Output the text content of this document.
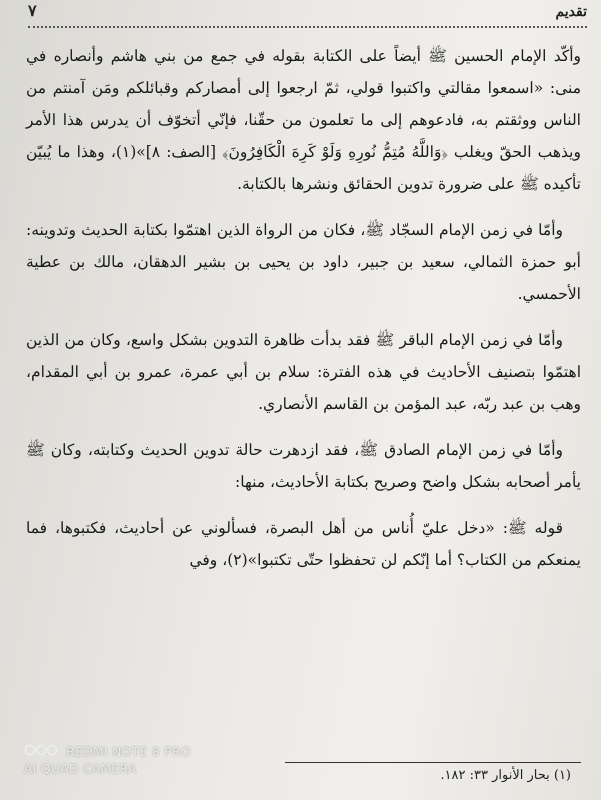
تقديم
٧

وأكّد الإمام الحسين ﷺ أيضاً على الكتابة بقوله في جمع من بني هاشم وأنصاره في منى: «اسمعوا مقالتي واكتبوا قولي، ثمّ ارجعوا إلى أمصاركم وقبائلكم ومَن آمنتم من الناس ووثقتم به، فادعوهم إلى ما تعلمون من حقّنا، فإنّي أتخوّف أن يدرس هذا الأمر ويذهب الحقّ ويغلب ﴿وَاللَّهُ مُتِمُّ نُورِهِ وَلَوْ كَرِهَ الْكَافِرُونَ﴾ [الصف: ٨]»(١)، وهذا ما يُبيّن تأكيده ﷺ على ضرورة تدوين الحقائق ونشرها بالكتابة.

وأمّا في زمن الإمام السجّاد ﷺ، فكان من الرواة الذين اهتمّوا بكتابة الحديث وتدوينه: أبو حمزة الثمالي، سعيد بن جبير، داود بن يحيى بن بشير الدهقان، مالك بن عطية الأحمسي.

وأمّا في زمن الإمام الباقر ﷺ فقد بدأت ظاهرة التدوين بشكل واسع، وكان من الذين اهتمّوا بتصنيف الأحاديث في هذه الفترة: سلام بن أبي عمرة، عمرو بن أبي المقدام، وهب بن عبد ربّه، عبد المؤمن بن القاسم الأنصاري.

وأمّا في زمن الإمام الصادق ﷺ، فقد ازدهرت حالة تدوين الحديث وكتابته، وكان ﷺ يأمر أصحابه بشكل واضح وصريح بكتابة الأحاديث، منها:

قوله ﷺ: «دخل عليّ أُناس من أهل البصرة، فسألوني عن أحاديث، فكتبوها، فما يمنعكم من الكتاب؟ أما إنّكم لن تحفظوا حتّى تكتبوا»(٢)، وفي

(١) بحار الأنوار ٣٣: ١٨٢.
REDMI NOTE 8 PRO
AI QUAD CAMERA
